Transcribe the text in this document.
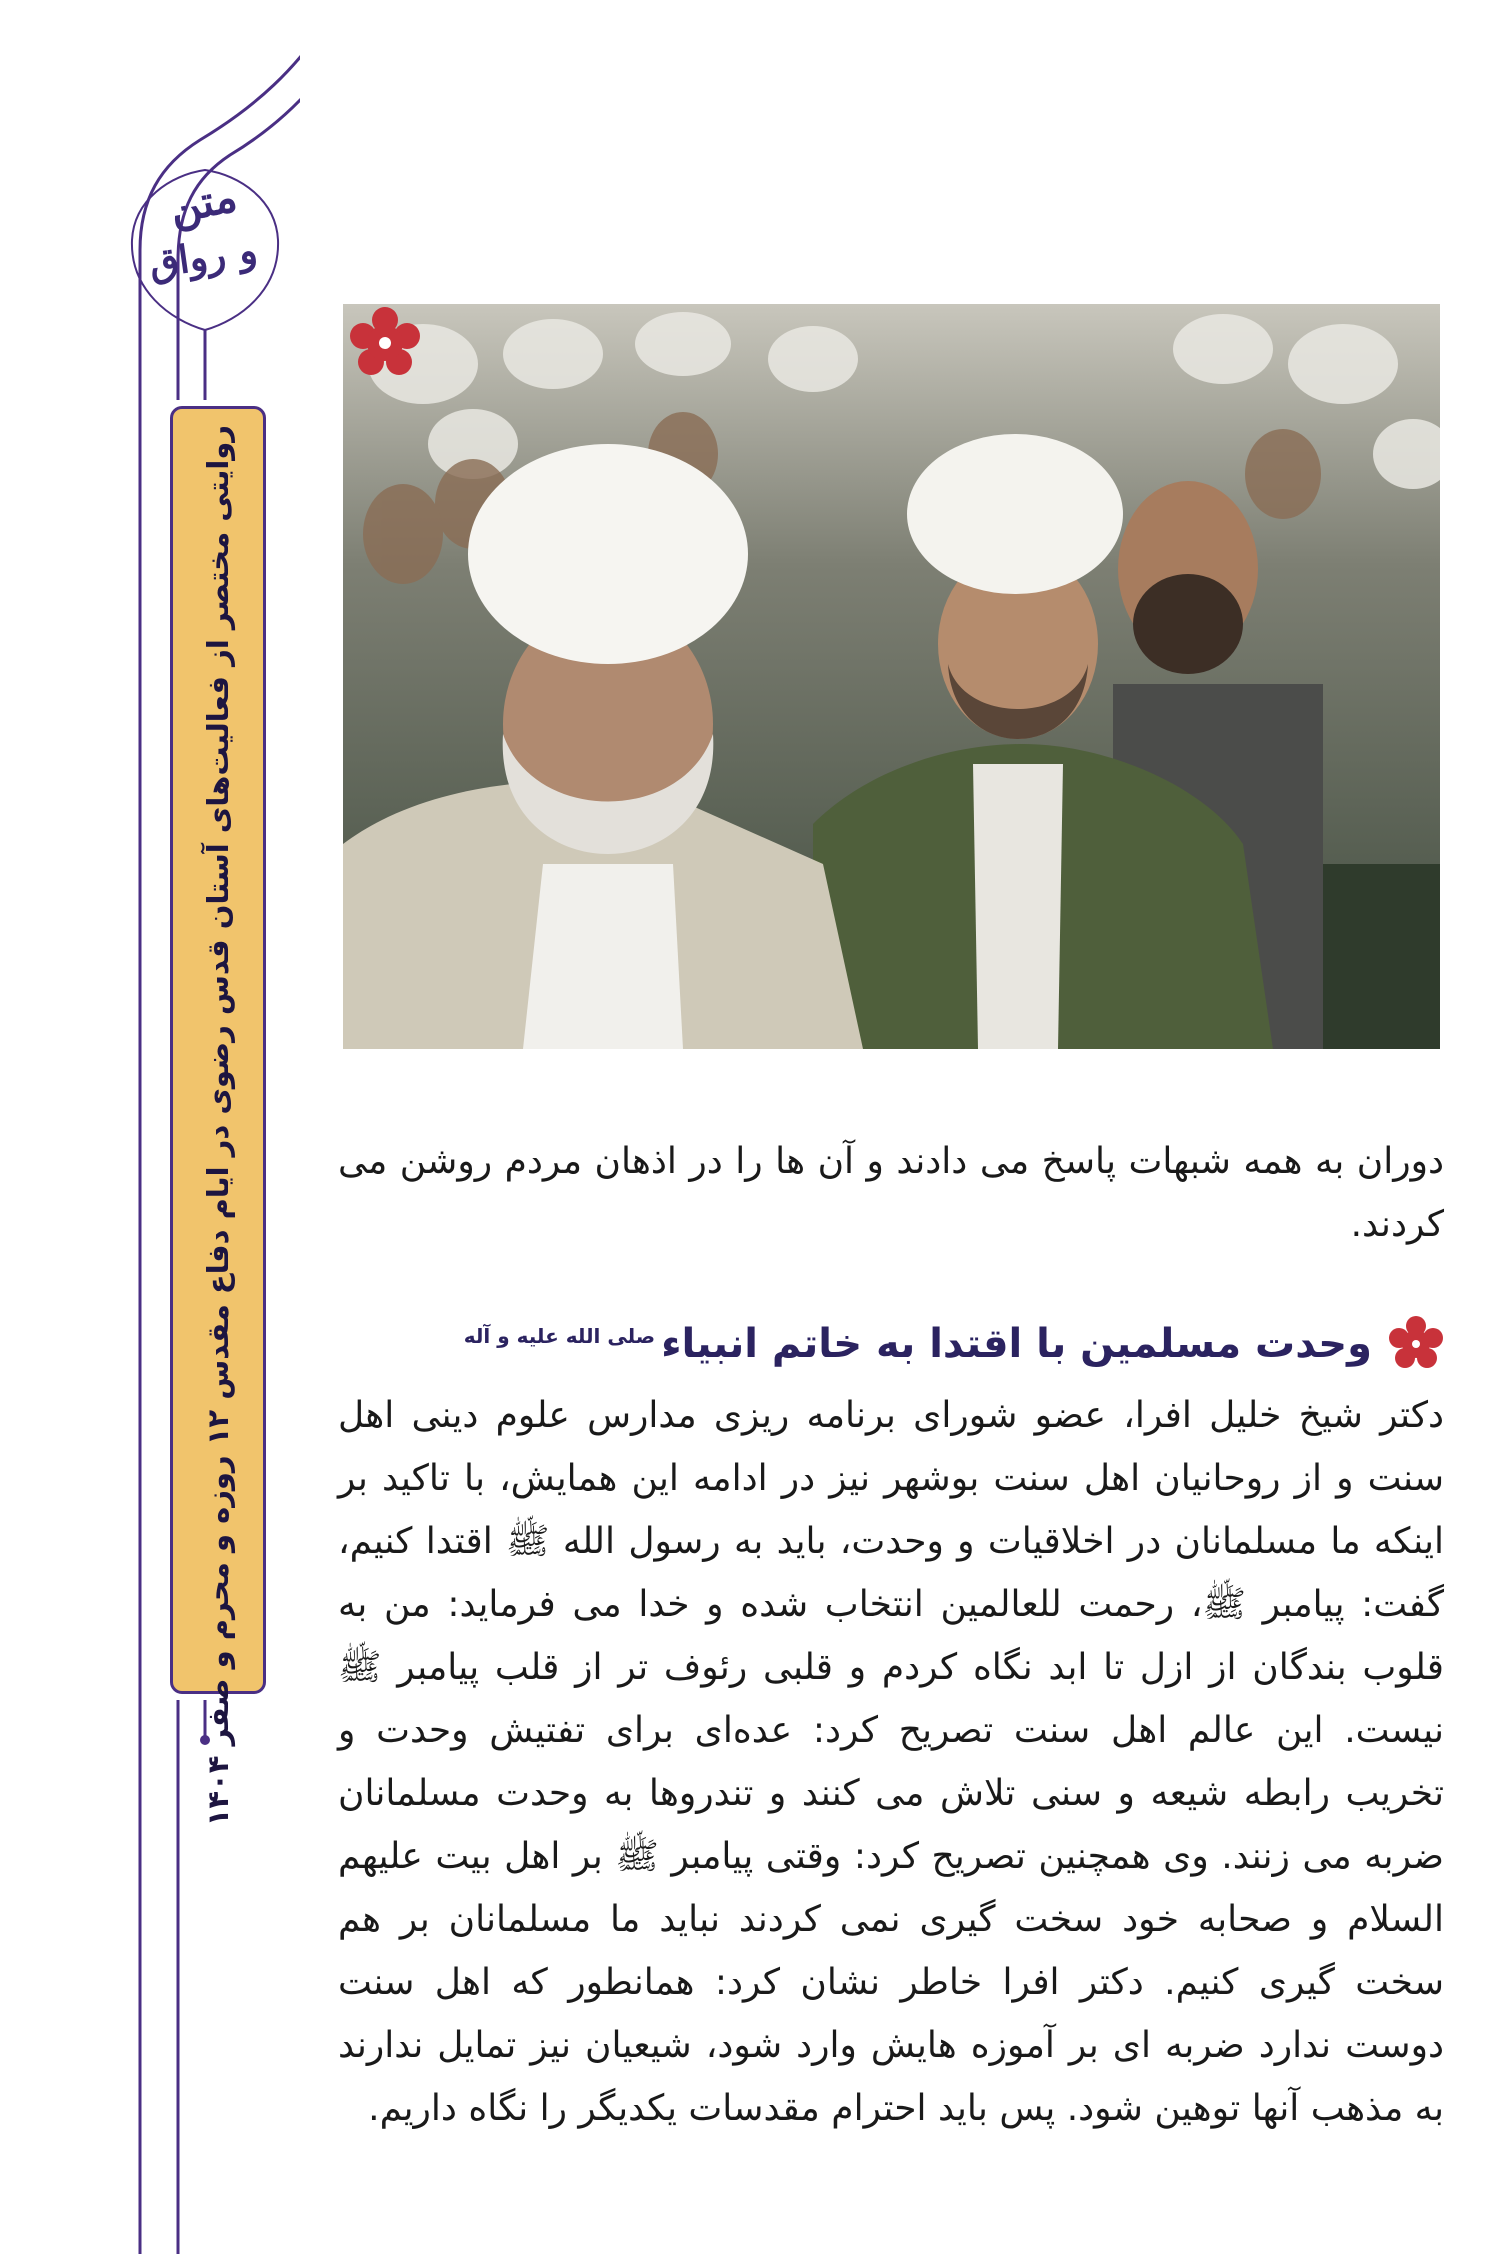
متن
و رواق
روایتی مختصر از فعالیت‌های آستان قدس رضوی در ایام دفاع مقدس ۱۲ روزه و محرم و صفر ۱۴۰۴	دوران به همه شبهات پاسخ می دادند و آن ها را در اذهان مردم روشن می کردند.

وحدت مسلمین با اقتدا به خاتم انبیاء$^{صلی الله علیه و آله}$

دکتر شیخ خلیل افرا، عضو شورای برنامه ریزی مدارس علوم دینی اهل سنت و از روحانیان اهل سنت بوشهر نیز در ادامه این همایش، با تاکید بر اینکه ما مسلمانان در اخلاقیات و وحدت، باید به رسول الله ﷺ اقتدا کنیم، گفت: پیامبر ﷺ، رحمت للعالمین انتخاب شده و خدا می فرماید: من به قلوب بندگان از ازل تا ابد نگاه کردم و قلبی رئوف تر از قلب پیامبر ﷺ نیست. این عالم اهل سنت تصریح کرد: عده‌ای برای تفتیش وحدت و تخریب رابطه شیعه و سنی تلاش می کنند و تندروها به وحدت مسلمانان ضربه می زنند. وی همچنین تصریح کرد: وقتی پیامبر ﷺ بر اهل بیت علیهم السلام و صحابه خود سخت گیری نمی کردند نباید ما مسلمانان بر هم سخت گیری کنیم. دکتر افرا خاطر نشان کرد: همانطور که اهل سنت دوست ندارد ضربه ای بر آموزه هایش وارد شود، شیعیان نیز تمایل ندارند به مذهب آنها توهین شود. پس باید احترام مقدسات یکدیگر را نگاه داریم.
